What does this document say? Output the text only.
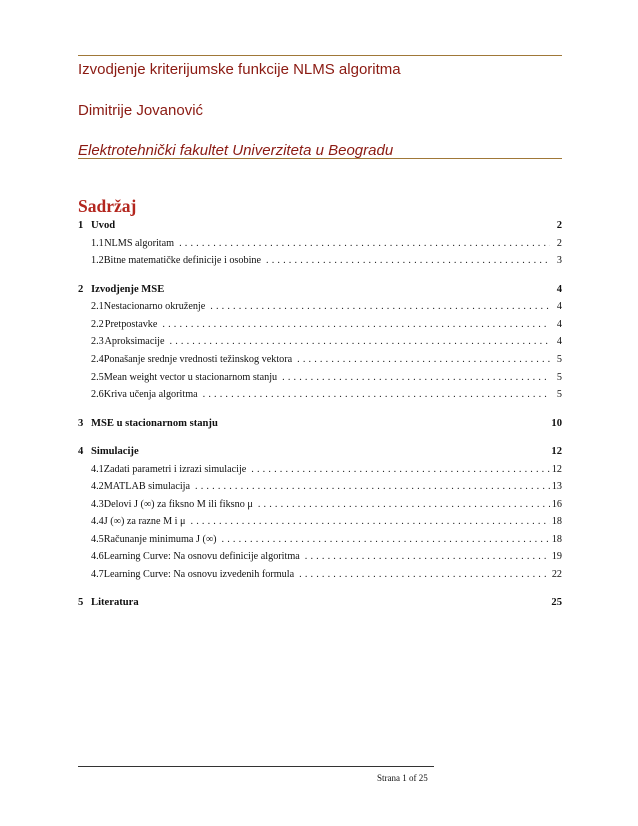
Izvodjenje kriterijumske funkcije NLMS algoritma
Dimitrije Jovanović
Elektrotehnički fakultet Univerziteta u Beogradu
Sadržaj
1 Uvod	2
1.1 NLMS algoritam . . .	2
1.2 Bitne matematičke definicije i osobine . . .	3
2 Izvodjenje MSE	4
2.1 Nestacionarno okruženje . . .	4
2.2 Pretpostavke . . .	4
2.3 Aproksimacije . . .	4
2.4 Ponašanje srednje vrednosti težinskog vektora . . .	5
2.5 Mean weight vector u stacionarnom stanju . . .	5
2.6 Kriva učenja algoritma . . .	5
3 MSE u stacionarnom stanju	10
4 Simulacije	12
4.1 Zadati parametri i izrazi simulacije . . .	12
4.2 MATLAB simulacija . . .	13
4.3 Delovi J (∞) za fiksno M ili fiksno μ . . .	16
4.4 J (∞) za razne M i μ . . .	18
4.5 Računanje minimuma J (∞) . . .	18
4.6 Learning Curve: Na osnovu definicije algoritma . . .	19
4.7 Learning Curve: Na osnovu izvedenih formula . . .	22
5 Literatura	25
Strana 1 of 25
